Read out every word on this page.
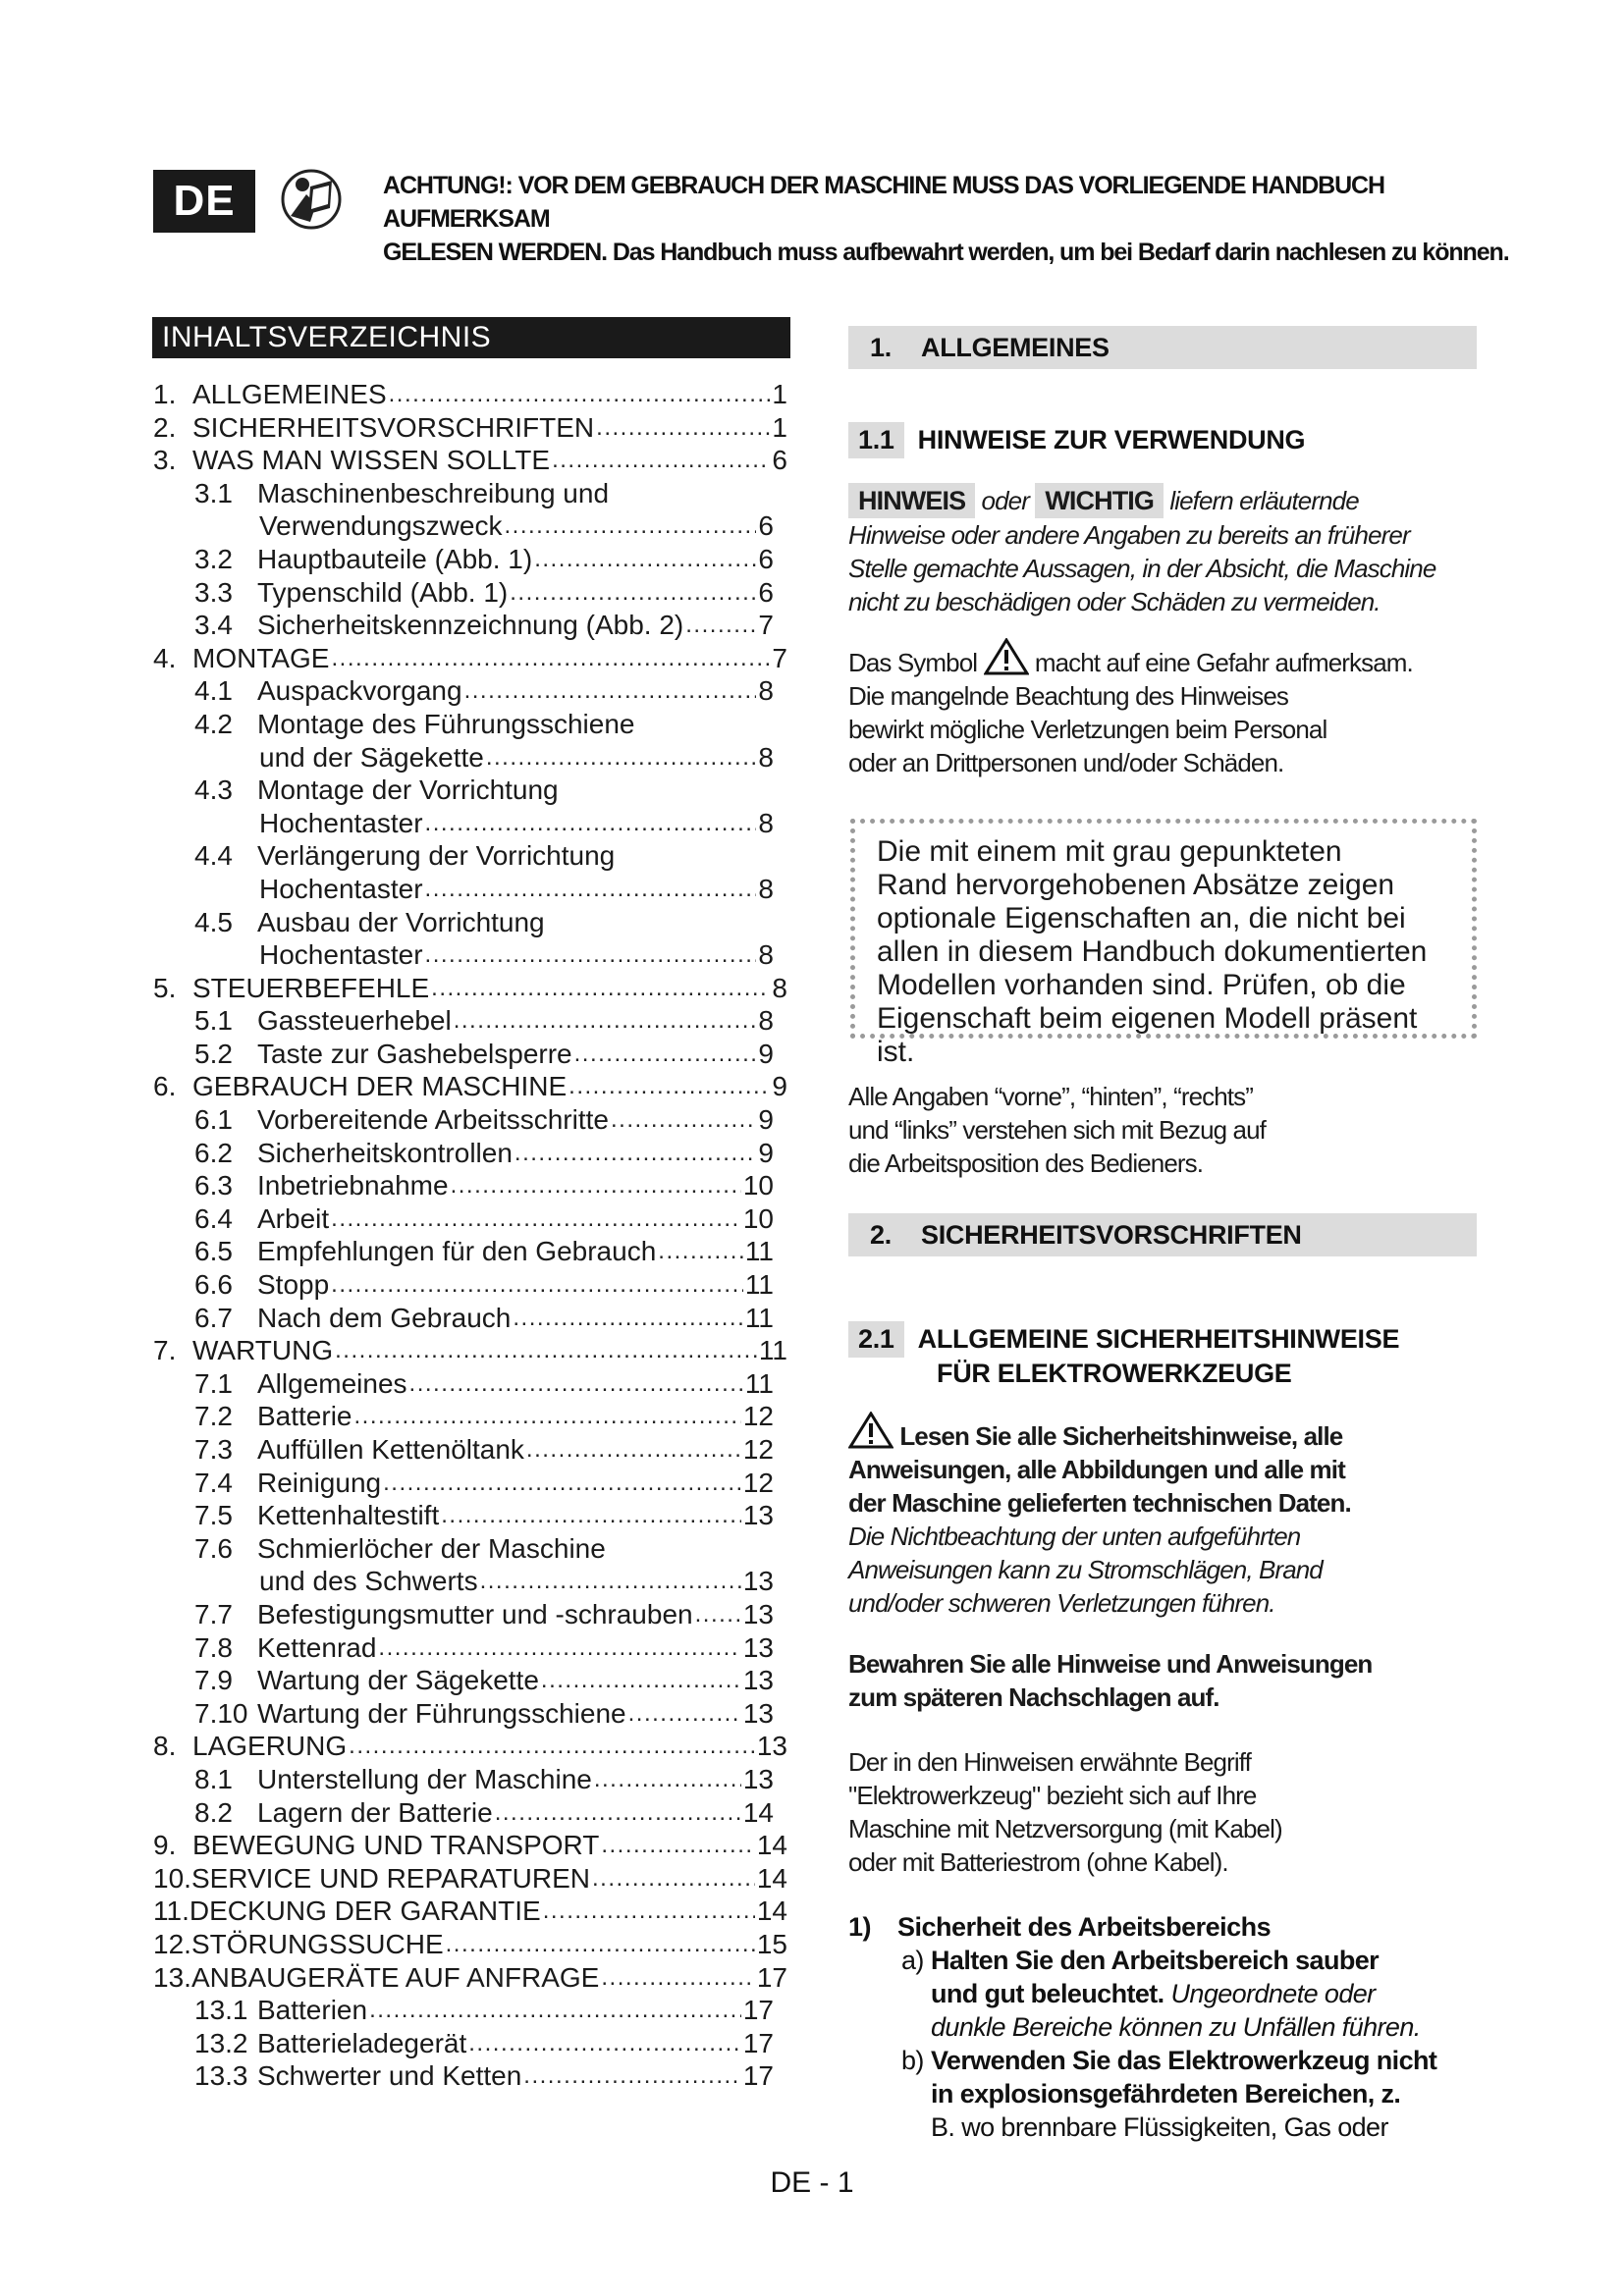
DE	ACHTUNG!: VOR DEM GEBRAUCH DER MASCHINE MUSS DAS VORLIEGENDE HANDBUCH AUFMERKSAM
GELESEN WERDEN. Das Handbuch muss aufbewahrt werden, um bei Bedarf darin nachlesen zu können.
INHALTSVERZEICHNIS
1. ALLGEMEINES .....	1
2. SICHERHEITSVORSCHRIFTEN .....	1
3. WAS MAN WISSEN SOLLTE .....	6
3.1 Maschinenbeschreibung und
Verwendungszweck .....	6
3.2 Hauptbauteile (Abb. 1) .....	6
3.3 Typenschild (Abb. 1) .....	6
3.4 Sicherheitskennzeichnung (Abb. 2) .....	7
4. MONTAGE .....	7
4.1 Auspackvorgang .....	8
4.2 Montage des Führungsschiene
und der Sägekette .....	8
4.3 Montage der Vorrichtung
Hochentaster .....	8
4.4 Verlängerung der Vorrichtung
Hochentaster .....	8
4.5 Ausbau der Vorrichtung
Hochentaster .....	8
5. STEUERBEFEHLE .....	8
5.1 Gassteuerhebel .....	8
5.2 Taste zur Gashebelsperre .....	9
6. GEBRAUCH DER MASCHINE .....	9
6.1 Vorbereitende Arbeitsschritte .....	9
6.2 Sicherheitskontrollen .....	9
6.3 Inbetriebnahme .....	10
6.4 Arbeit .....	10
6.5 Empfehlungen für den Gebrauch .....	11
6.6 Stopp .....	11
6.7 Nach dem Gebrauch .....	11
7. WARTUNG .....	11
7.1 Allgemeines .....	11
7.2 Batterie .....	12
7.3 Auffüllen Kettenöltank .....	12
7.4 Reinigung .....	12
7.5 Kettenhaltestift .....	13
7.6 Schmierlöcher der Maschine
und des Schwerts .....	13
7.7 Befestigungsmutter und -schrauben ..... 13
7.8 Kettenrad .....	13
7.9 Wartung der Sägekette .....	13
7.10 Wartung der Führungsschiene .....	13
8. LAGERUNG .....	13
8.1 Unterstellung der Maschine .....	13
8.2 Lagern der Batterie .....	14
9. BEWEGUNG UND TRANSPORT .....	14
10. SERVICE UND REPARATUREN .....	14
11. DECKUNG DER GARANTIE .....	14
12. STÖRUNGSSUCHE .....	15
13. ANBAUGERÄTE AUF ANFRAGE .....	17
13.1 Batterien .....	17
13.2 Batterieladegerät .....	17
13.3 Schwerter und Ketten .....	17
1. ALLGEMEINES
1.1 HINWEISE ZUR VERWENDUNG

HINWEIS oder WICHTIG liefern erläuternde

Hinweise oder andere Angaben zu bereits an früherer

Stelle gemachte Aussagen, in der Absicht, die Maschine

nicht zu beschädigen oder Schäden zu vermeiden.

Das Symbol macht auf eine Gefahr aufmerksam.

Die mangelnde Beachtung des Hinweises

bewirkt mögliche Verletzungen beim Personal

oder an Drittpersonen und/oder Schäden.

Die mit einem mit grau gepunkteten
Rand hervorgehobenen Absätze zeigen
optionale Eigenschaften an, die nicht bei
allen in diesem Handbuch dokumentierten
Modellen vorhanden sind. Prüfen, ob die
Eigenschaft beim eigenen Modell präsent ist.

Alle Angaben “vorne”, “hinten”, “rechts”

und “links” verstehen sich mit Bezug auf

die Arbeitsposition des Bedieners.

2. SICHERHEITSVORSCHRIFTEN
2.1 ALLGEMEINE SICHERHEITSHINWEISE
FÜR ELEKTROWERKZEUGE

Lesen Sie alle Sicherheitshinweise, alle

Anweisungen, alle Abbildungen und alle mit

der Maschine gelieferten technischen Daten.

Die Nichtbeachtung der unten aufgeführten

Anweisungen kann zu Stromschlägen, Brand

und/oder schweren Verletzungen führen.

Bewahren Sie alle Hinweise und Anweisungen

zum späteren Nachschlagen auf.

Der in den Hinweisen erwähnte Begriff

"Elektrowerkzeug" bezieht sich auf Ihre

Maschine mit Netzversorgung (mit Kabel)

oder mit Batteriestrom (ohne Kabel).

1) Sicherheit des Arbeitsbereichs
a) Halten Sie den Arbeitsbereich sauber
und gut beleuchtet. Ungeordnete oder
dunkle Bereiche können zu Unfällen führen.
b) Verwenden Sie das Elektrowerkzeug nicht
in explosionsgefährdeten Bereichen, z.
B. wo brennbare Flüssigkeiten, Gas oder
DE - 1
